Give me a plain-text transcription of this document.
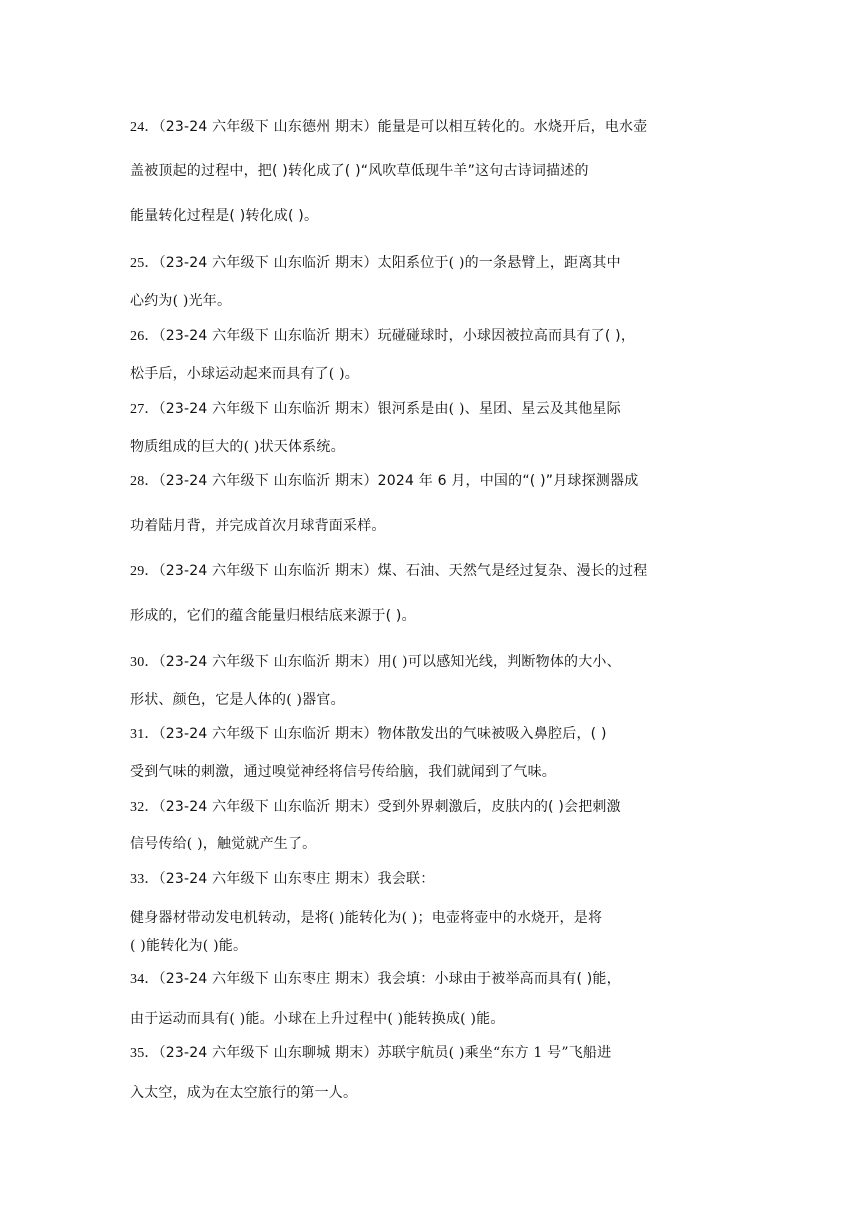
24．（23-24 六年级下 山东德州 期末）能量是可以相互转化的。水烧开后，电水壶
盖被顶起的过程中，把( )转化成了( )“风吹草低现牛羊”这句古诗词描述的
能量转化过程是( )转化成( )。
25．（23-24 六年级下 山东临沂 期末）太阳系位于( )的一条悬臂上，距离其中
心约为( )光年。
26．（23-24 六年级下 山东临沂 期末）玩碰碰球时，小球因被拉高而具有了( )，
松手后，小球运动起来而具有了( )。
27．（23-24 六年级下 山东临沂 期末）银河系是由( )、星团、星云及其他星际
物质组成的巨大的( )状天体系统。
28．（23-24 六年级下 山东临沂 期末）2024 年 6 月，中国的“( )”月球探测器成
功着陆月背，并完成首次月球背面采样。
29．（23-24 六年级下 山东临沂 期末）煤、石油、天然气是经过复杂、漫长的过程
形成的，它们的蕴含能量归根结底来源于( )。
30．（23-24 六年级下 山东临沂 期末）用( )可以感知光线，判断物体的大小、
形状、颜色，它是人体的( )器官。
31．（23-24 六年级下 山东临沂 期末）物体散发出的气味被吸入鼻腔后，( )
受到气味的刺激，通过嗅觉神经将信号传给脑，我们就闻到了气味。
32．（23-24 六年级下 山东临沂 期末）受到外界刺激后，皮肤内的( )会把刺激
信号传给( )，触觉就产生了。
33．（23-24 六年级下 山东枣庄 期末）我会联：
健身器材带动发电机转动，是将( )能转化为( )；电壶将壶中的水烧开，是将
( )能转化为( )能。
34．（23-24 六年级下 山东枣庄 期末）我会填：小球由于被举高而具有( )能，
由于运动而具有( )能。小球在上升过程中( )能转换成( )能。
35．（23-24 六年级下 山东聊城 期末）苏联宇航员( )乘坐“东方 1 号”飞船进
入太空，成为在太空旅行的第一人。
